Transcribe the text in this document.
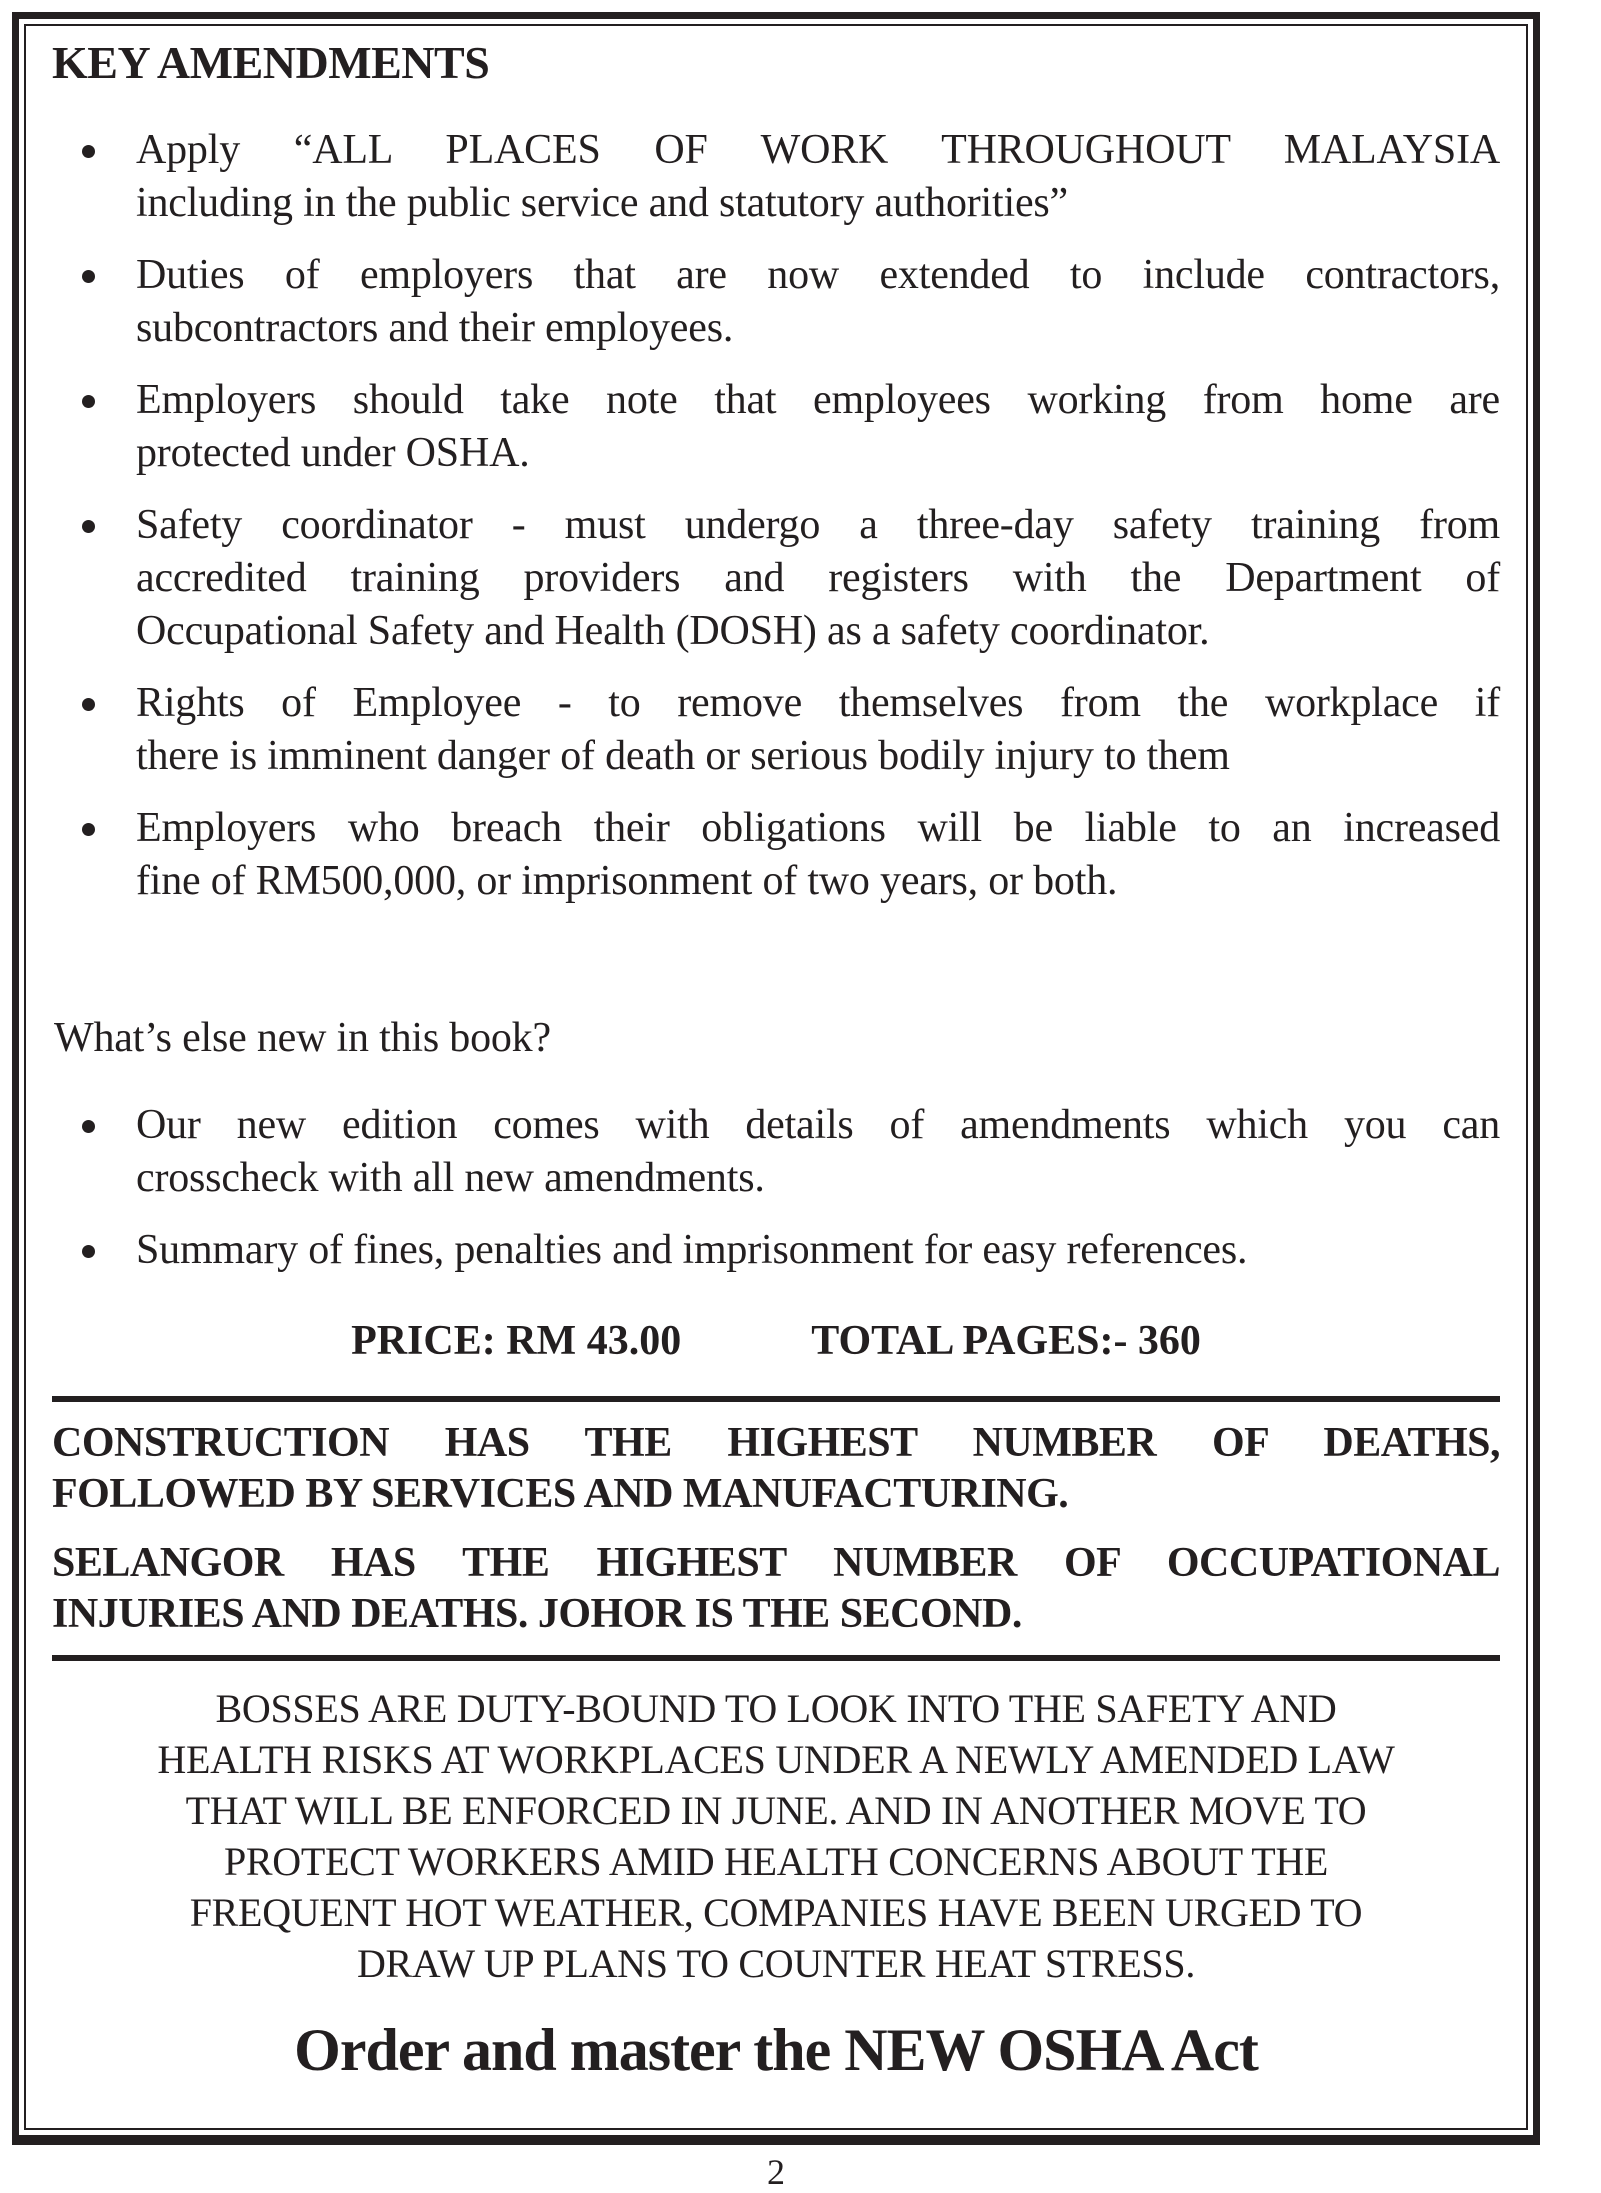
KEY AMENDMENTS
Apply “ALL PLACES OF WORK THROUGHOUT MALAYSIA
including in the public service and statutory authorities”
Duties of employers that are now extended to include contractors,
subcontractors and their employees.
Employers should take note that employees working from home are
protected under OSHA.
Safety coordinator - must undergo a three-day safety training from
accredited training providers and registers with the Department of
Occupational Safety and Health (DOSH) as a safety coordinator.
Rights of Employee - to remove themselves from the workplace if
there is imminent danger of death or serious bodily injury to them
Employers who breach their obligations will be liable to an increased
fine of RM500,000, or imprisonment of two years, or both.

What’s else new in this book?

Our new edition comes with details of amendments which you can
crosscheck with all new amendments.
Summary of fines, penalties and imprisonment for easy references.
PRICE: RM 43.00	TOTAL PAGES:- 360
CONSTRUCTION HAS THE HIGHEST NUMBER OF DEATHS,
FOLLOWED BY SERVICES AND MANUFACTURING.
SELANGOR HAS THE HIGHEST NUMBER OF OCCUPATIONAL
INJURIES AND DEATHS. JOHOR IS THE SECOND.
BOSSES ARE DUTY-BOUND TO LOOK INTO THE SAFETY AND
HEALTH RISKS AT WORKPLACES UNDER A NEWLY AMENDED LAW
THAT WILL BE ENFORCED IN JUNE. AND IN ANOTHER MOVE TO
PROTECT WORKERS AMID HEALTH CONCERNS ABOUT THE
FREQUENT HOT WEATHER, COMPANIES HAVE BEEN URGED TO
DRAW UP PLANS TO COUNTER HEAT STRESS.

Order and master the NEW OSHA Act

2
